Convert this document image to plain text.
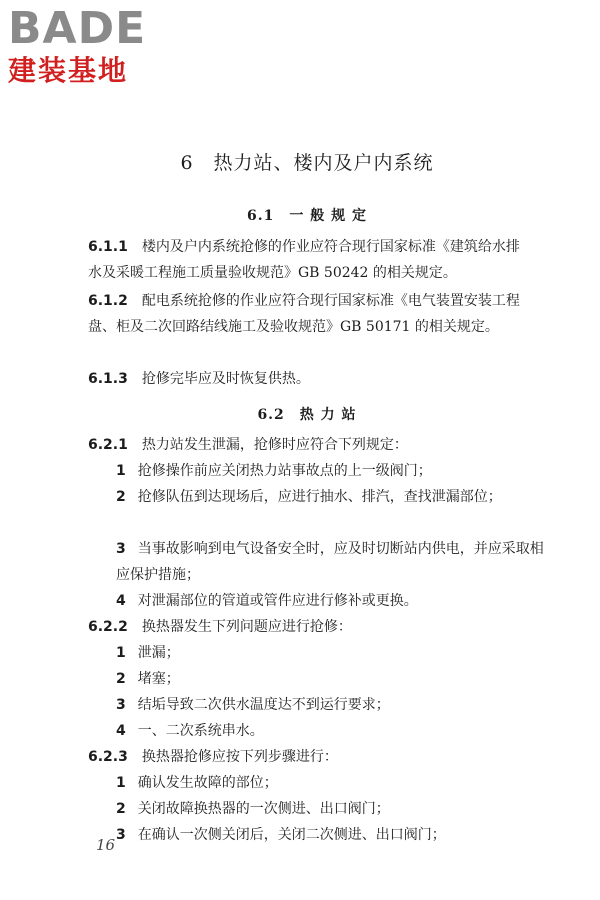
BADE
建装基地
6　热力站、楼内及户内系统
6.1　一 般 规 定
6.1.1 楼内及户内系统抢修的作业应符合现行国家标准《建筑给水排水及采暖工程施工质量验收规范》GB 50242 的相关规定。
6.1.2 配电系统抢修的作业应符合现行国家标准《电气装置安装工程　盘、柜及二次回路结线施工及验收规范》GB 50171 的相关规定。
6.1.3 抢修完毕应及时恢复供热。
6.2　热 力 站
6.2.1 热力站发生泄漏，抢修时应符合下列规定：
1 抢修操作前应关闭热力站事故点的上一级阀门；
2 抢修队伍到达现场后，应进行抽水、排汽，查找泄漏部位；
3 当事故影响到电气设备安全时，应及时切断站内供电，并应采取相应保护措施；
4 对泄漏部位的管道或管件应进行修补或更换。
6.2.2 换热器发生下列问题应进行抢修：
1 泄漏；
2 堵塞；
3 结垢导致二次供水温度达不到运行要求；
4 一、二次系统串水。
6.2.3 换热器抢修应按下列步骤进行：
1 确认发生故障的部位；
2 关闭故障换热器的一次侧进、出口阀门；
3 在确认一次侧关闭后，关闭二次侧进、出口阀门；
16
